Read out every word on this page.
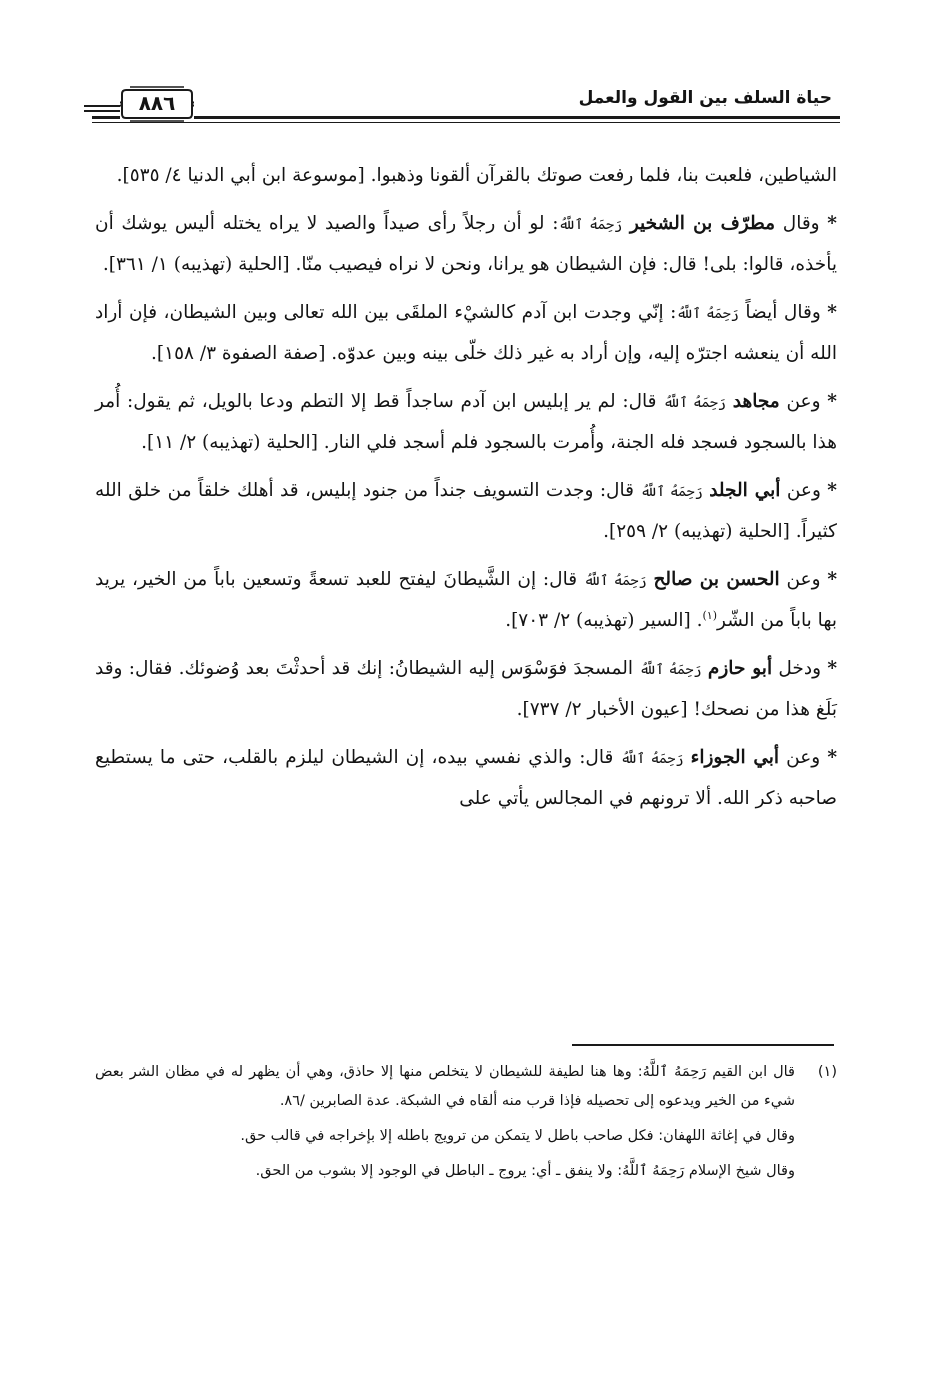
حياة السلف بين القول والعمل
٨٨٦

الشياطين، فلعبت بنا، فلما رفعت صوتك بالقرآن ألقونا وذهبوا. [موسوعة ابن أبي الدنيا ٤/ ٥٣٥].

* وقال مطرّف بن الشخير رَحِمَهُ ٱللَّهُ: لو أن رجلاً رأى صيداً والصيد لا يراه يختله أليس يوشك أن يأخذه، قالوا: بلى! قال: فإن الشيطان هو يرانا، ونحن لا نراه فيصيب منّا. [الحلية (تهذيبه) ١/ ٣٦١].

* وقال أيضاً رَحِمَهُ ٱللَّهُ: إنّي وجدت ابن آدم كالشيْء الملقَى بين الله تعالى وبين الشيطان، فإن أراد الله أن ينعشه اجترّه إليه، وإن أراد به غير ذلك خلّى بينه وبين عدوّه. [صفة الصفوة ٣/ ١٥٨].

* وعن مجاهد رَحِمَهُ ٱللَّهُ قال: لم ير إبليس ابن آدم ساجداً قط إلا التطم ودعا بالويل، ثم يقول: أُمر هذا بالسجود فسجد فله الجنة، وأُمرت بالسجود فلم أسجد فلي النار. [الحلية (تهذيبه) ٢/ ١١].

* وعن أبي الجلد رَحِمَهُ ٱللَّهُ قال: وجدت التسويف جنداً من جنود إبليس، قد أهلك خلقاً من خلق الله كثيراً. [الحلية (تهذيبه) ٢/ ٢٥٩].

* وعن الحسن بن صالح رَحِمَهُ ٱللَّهُ قال: إن الشَّيطانَ ليفتح للعبد تسعةً وتسعين باباً من الخير، يريد بها باباً من الشّر$^{(١)}$. [السير (تهذيبه) ٢/ ٧٠٣].

* ودخل أبو حازم رَحِمَهُ ٱللَّهُ المسجدَ فوَسْوَس إليه الشيطانُ: إنك قد أحدثْتَ بعد وُضوئك. فقال: وقد بَلَغ هذا من نصحك! [عيون الأخبار ٢/ ٧٣٧].

* وعن أبي الجوزاء رَحِمَهُ ٱللَّهُ قال: والذي نفسي بيده، إن الشيطان ليلزم بالقلب، حتى ما يستطيع صاحبه ذكر الله. ألا ترونهم في المجالس يأتي على

(١)
قال ابن القيم رَحِمَهُ ٱللَّهُ: وها هنا لطيفة للشيطان لا يتخلص منها إلا حاذق، وهي أن يظهر له في مظان الشر بعض شيء من الخير ويدعوه إلى تحصيله فإذا قرب منه ألقاه في الشبكة. عدة الصابرين /٨٦.

وقال في إغاثة اللهفان: فكل صاحب باطل لا يتمكن من ترويج باطله إلا بإخراجه في قالب حق.

وقال شيخ الإسلام رَحِمَهُ ٱللَّهُ: ولا ينفق ـ أي: يروج ـ الباطل في الوجود إلا بشوب من الحق.
